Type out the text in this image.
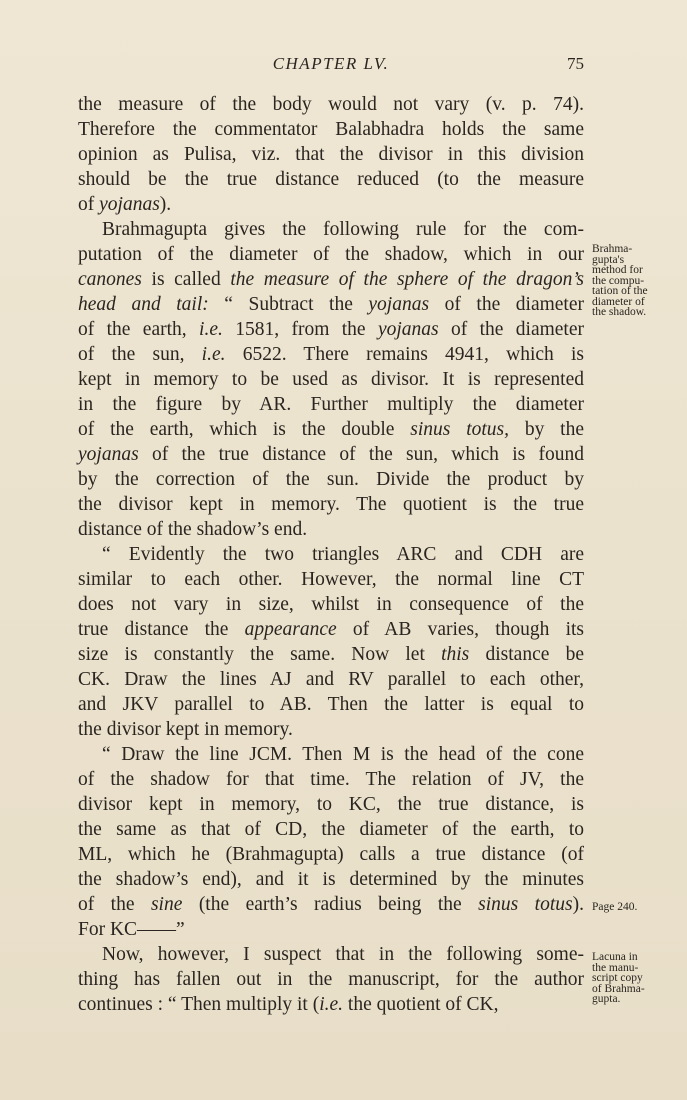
CHAPTER LV.	75
the measure of the body would not vary (v. p. 74).
Therefore the commentator Balabhadra holds the same
opinion as Pulisa, viz. that the divisor in this division
should be the true distance reduced (to the measure
of yojanas).
Brahmagupta gives the following rule for the com-
putation of the diameter of the shadow, which in our
canones is called the measure of the sphere of the dragon’s
head and tail: “ Subtract the yojanas of the diameter
of the earth, i.e. 1581, from the yojanas of the diameter
of the sun, i.e. 6522. There remains 4941, which is
kept in memory to be used as divisor. It is represented
in the figure by AR. Further multiply the diameter
of the earth, which is the double sinus totus, by the
yojanas of the true distance of the sun, which is found
by the correction of the sun. Divide the product by
the divisor kept in memory. The quotient is the true
distance of the shadow’s end.
“ Evidently the two triangles ARC and CDH are
similar to each other. However, the normal line CT
does not vary in size, whilst in consequence of the
true distance the appearance of AB varies, though its
size is constantly the same. Now let this distance be
CK. Draw the lines AJ and RV parallel to each other,
and JKV parallel to AB. Then the latter is equal to
the divisor kept in memory.
“ Draw the line JCM. Then M is the head of the cone
of the shadow for that time. The relation of JV, the
divisor kept in memory, to KC, the true distance, is
the same as that of CD, the diameter of the earth, to
ML, which he (Brahmagupta) calls a true distance (of
the shadow’s end), and it is determined by the minutes
of the sine (the earth’s radius being the sinus totus).
For KC——”
Now, however, I suspect that in the following some-
thing has fallen out in the manuscript, for the author
continues : “ Then multiply it (i.e. the quotient of CK,
Brahma-
gupta's
method for
the compu-
tation of the
diameter of
the shadow.
Page 240.
Lacuna in
the manu-
script copy
of Brahma-
gupta.
